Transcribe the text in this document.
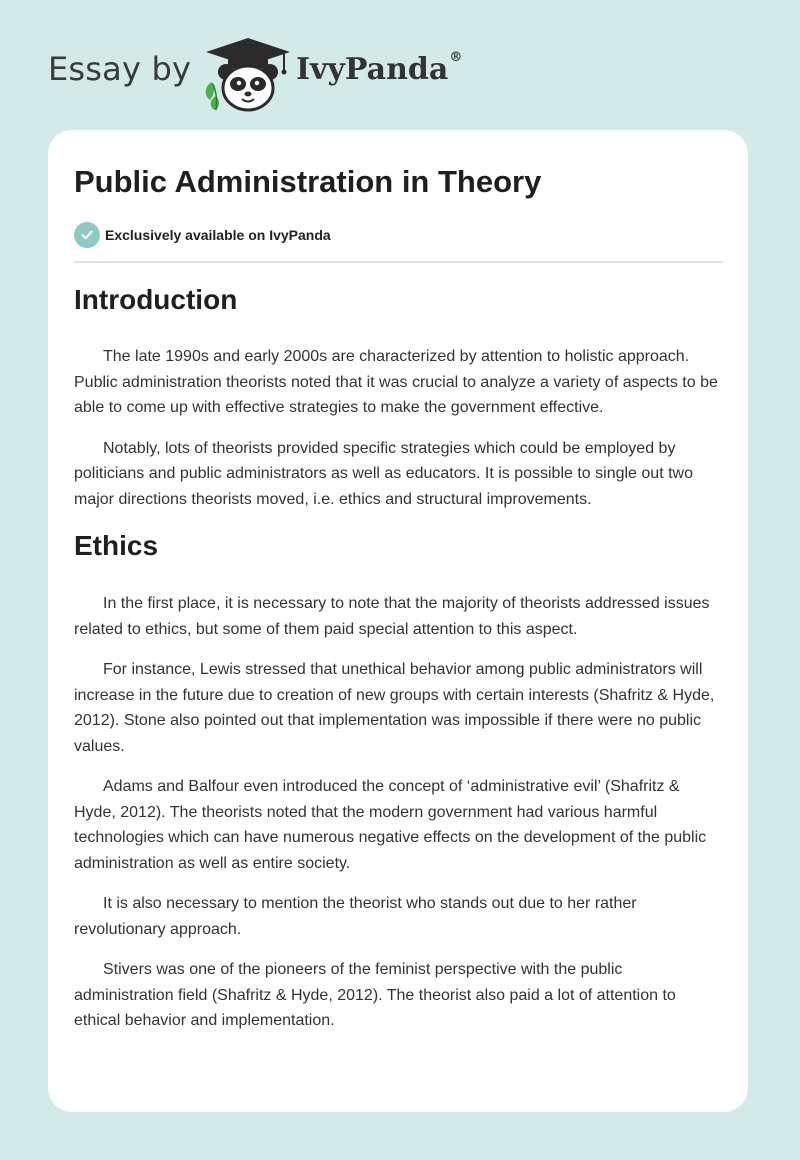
Essay by	IvyPanda®
Public Administration in Theory
Exclusively available on IvyPanda
Introduction

The late 1990s and early 2000s are characterized by attention to holistic approach. Public administration theorists noted that it was crucial to analyze a variety of aspects to be able to come up with effective strategies to make the government effective.

Notably, lots of theorists provided specific strategies which could be employed by politicians and public administrators as well as educators. It is possible to single out two major directions theorists moved, i.e. ethics and structural improvements.

Ethics

In the first place, it is necessary to note that the majority of theorists addressed issues related to ethics, but some of them paid special attention to this aspect.

For instance, Lewis stressed that unethical behavior among public administrators will increase in the future due to creation of new groups with certain interests (Shafritz & Hyde, 2012). Stone also pointed out that implementation was impossible if there were no public values.

Adams and Balfour even introduced the concept of ‘administrative evil’ (Shafritz & Hyde, 2012). The theorists noted that the modern government had various harmful technologies which can have numerous negative effects on the development of the public administration as well as entire society.

It is also necessary to mention the theorist who stands out due to her rather revolutionary approach.

Stivers was one of the pioneers of the feminist perspective with the public administration field (Shafritz & Hyde, 2012). The theorist also paid a lot of attention to ethical behavior and implementation.
